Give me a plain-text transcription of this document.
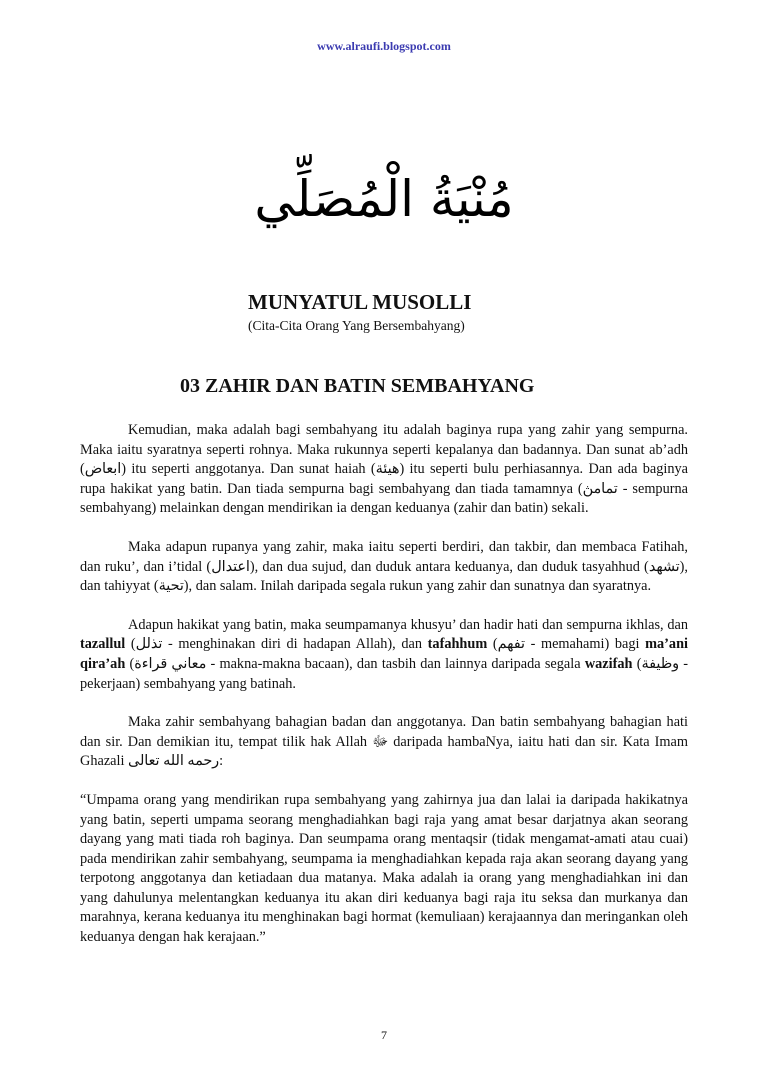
www.alraufi.blogspot.com
مُنْيَةُ الْمُصَلِّي
MUNYATUL MUSOLLI
(Cita-Cita Orang Yang Bersembahyang)
03 ZAHIR DAN BATIN SEMBAHYANG

Kemudian, maka adalah bagi sembahyang itu adalah baginya rupa yang zahir yang sempurna. Maka iaitu syaratnya seperti rohnya. Maka rukunnya seperti kepalanya dan badannya. Dan sunat ab’adh (ابعاض) itu seperti anggotanya. Dan sunat haiah (هيئة) itu seperti bulu perhiasannya. Dan ada baginya rupa hakikat yang batin. Dan tiada sempurna bagi sembahyang dan tiada tamamnya (تمامڽ - sempurna sembahyang) melainkan dengan mendirikan ia dengan keduanya (zahir dan batin) sekali.

Maka adapun rupanya yang zahir, maka iaitu seperti berdiri, dan takbir, dan membaca Fatihah, dan ruku’, dan i’tidal (اعتدال), dan dua sujud, dan duduk antara keduanya, dan duduk tasyahhud (تشهد), dan tahiyyat (تحية), dan salam. Inilah daripada segala rukun yang zahir dan sunatnya dan syaratnya.

Adapun hakikat yang batin, maka seumpamanya khusyu’ dan hadir hati dan sempurna ikhlas, dan tazallul (تذلل - menghinakan diri di hadapan Allah), dan tafahhum (تفهم - memahami) bagi ma’ani qira’ah (معاني قراءة - makna-makna bacaan), dan tasbih dan lainnya daripada segala wazifah (وظيفة - pekerjaan) sembahyang yang batinah.

Maka zahir sembahyang bahagian badan dan anggotanya. Dan batin sembahyang bahagian hati dan sir. Dan demikian itu, tempat tilik hak Allah ﷻ daripada hambaNya, iaitu hati dan sir. Kata Imam Ghazali رحمه الله تعالى:

“Umpama orang yang mendirikan rupa sembahyang yang zahirnya jua dan lalai ia daripada hakikatnya yang batin, seperti umpama seorang menghadiahkan bagi raja yang amat besar darjatnya akan seorang dayang yang mati tiada roh baginya. Dan seumpama orang mentaqsir (tidak mengamat-amati atau cuai) pada mendirikan zahir sembahyang, seumpama ia menghadiahkan kepada raja akan seorang dayang yang terpotong anggotanya dan ketiadaan dua matanya. Maka adalah ia orang yang menghadiahkan ini dan yang dahulunya melentangkan keduanya itu akan diri keduanya bagi raja itu seksa dan murkanya dan marahnya, kerana keduanya itu menghinakan bagi hormat (kemuliaan) kerajaannya dan meringankan oleh keduanya dengan hak kerajaan.”

7
